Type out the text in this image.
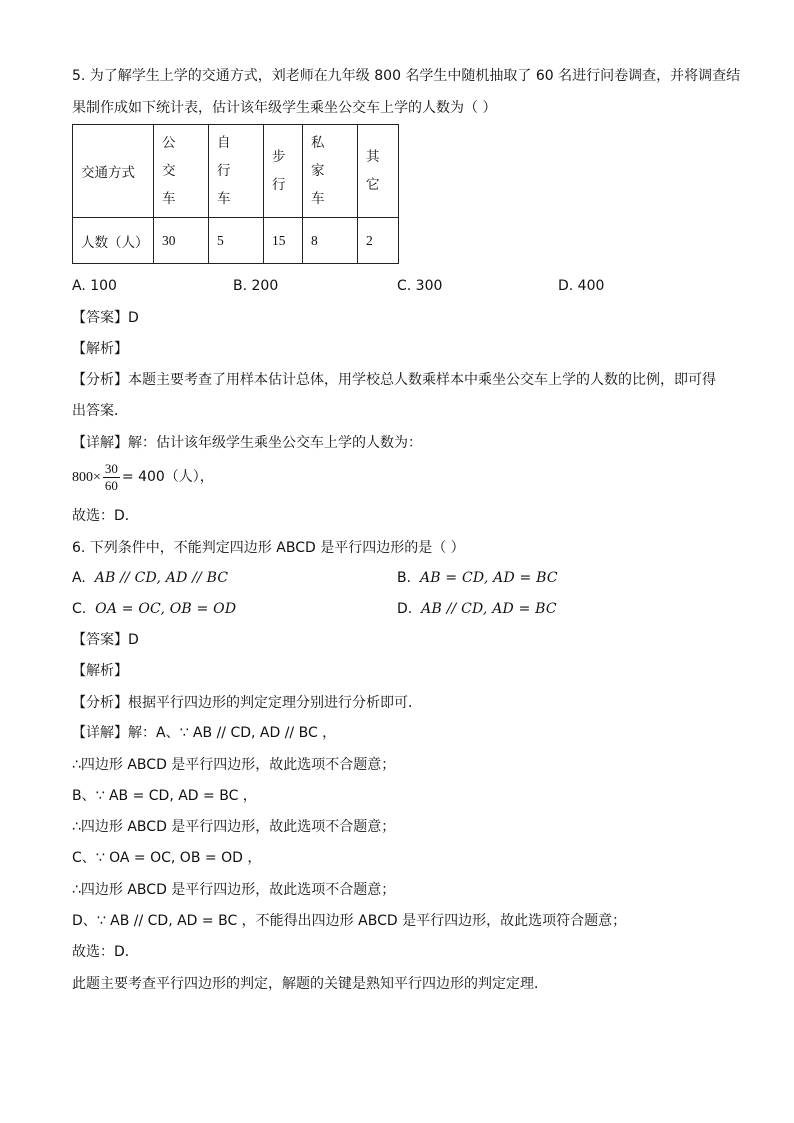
5. 为了解学生上学的交通方式，刘老师在九年级 800 名学生中随机抽取了 60 名进行问卷调查，并将调查结
果制作成如下统计表，估计该年级学生乘坐公交车上学的人数为（ ）
交通方式	公交车	自行车	步行	私家车	其它
人数（人）	30	5	15	8	2
A. 100	B. 200	C. 300	D. 400
【答案】D
【解析】
【分析】本题主要考查了用样本估计总体，用学校总人数乘样本中乘坐公交车上学的人数的比例，即可得
出答案．
【详解】解：估计该年级学生乘坐公交车上学的人数为：
$800\times \frac{30}{60} = 400$（人），
故选：D．
6. 下列条件中，不能判定四边形 ABCD 是平行四边形的是（ ）
A. AB // CD, AD // BC	B. AB = CD, AD = BC
C. OA = OC, OB = OD	D. AB // CD, AD = BC
【答案】D
【解析】
【分析】根据平行四边形的判定定理分别进行分析即可．
【详解】解：A、∵ AB // CD, AD // BC ，
∴四边形 ABCD 是平行四边形，故此选项不合题意；
B、∵ AB = CD, AD = BC ，
∴四边形 ABCD 是平行四边形，故此选项不合题意；
C、∵ OA = OC, OB = OD ，
∴四边形 ABCD 是平行四边形，故此选项不合题意；
D、∵ AB // CD, AD = BC ，不能得出四边形 ABCD 是平行四边形，故此选项符合题意；
故选：D．
此题主要考查平行四边形的判定，解题的关键是熟知平行四边形的判定定理．
